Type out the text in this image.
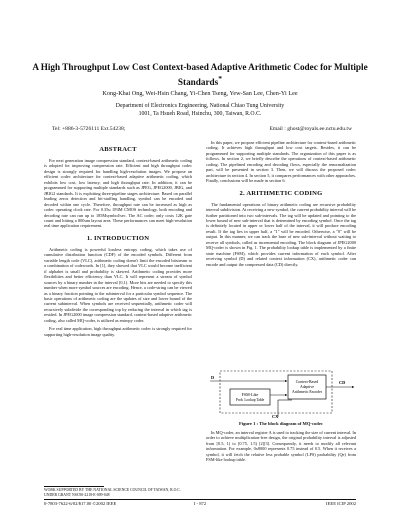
A High Throughput Low Cost Context-based Adaptive Arithmetic Codec for Multiple Standards*
Kong-Khai Ong, Wei-Hsin Chang, Yi-Chen Tseng, Yew-San Lee, Chen-Yi Lee
Department of Electronics Engineering, National Chiao Tung University
1001, Ta Hsueh Road, Hsinchu, 300, Taiwan, R.O.C.
Tel: +886-3-5726111 Ext.54238;	Email : ghost@royals.ee.nctu.edu.tw
ABSTRACT

For next generation image compression standard, context-based arithmetic coding is adopted for improving compression rate. Efficient and high throughput codec design is strongly required for handling high-resolution images. We propose an efficient codec architecture for context-based adaptive arithmetic coding, which exhibits low cost, low latency, and high throughput rate. In addition, it can be programmed for supporting multiple standards such as JPEG, JPEG2000, JBIG, and JBIG2 standards. It is exploiting three-pipeline stages architecture. Based on parallel leading zeros detection and bit-stuffing handling, symbol can be encoded and decoded within one cycle. Therefore, throughput rate can be increased as high as codec operating clock rate. For 0.35u 1P4M CMOS technology, both encoding and decoding rate can run up to 185Msymbol/sec. The AC codec only costs 12K gate count and hitting a 800um layout area. These performances can meet high-resolution real time application requirement.

1. INTRODUCTION

Arithmetic coding is powerful lossless entropy coding, which takes use of cumulative distribution function (CDF) of the encoded symbols. Different from variable length code (VLC), arithmetic coding doesn't limit the encoded bitstream to a combination of codewords. In [1], they showed that VLC would become inefficient if alphabet is small and probability is skewed. Arithmetic coding provides more flexibilities and better efficiency than VLC. It will represent a stream of symbol sources by a binary number in the interval [0,1). More bits are needed to specify this number when more symbol sources are encoding. Hence, a code-string can be viewed as a binary fraction pointing to the subinterval for a particular symbol sequence. The basic operations of arithmetic coding are the updates of size and lower bound of the current subinterval. When symbols are received sequentially, arithmetic coder will recursively subdivide the corresponding top by reducing the interval in which tag is resided. In JPEG2000 image compression standard, context-based adaptive arithmetic coding, also called MQ-coder, is utilized as entropy coder.

For real time application, high throughput arithmetic codec is strongly required for supporting high-resolution image quality.

WORK SUPPORTED BY THE NATIONAL SCIENCE COUNCIL OF TAIWAN, R.O.C. UNDER GRANT NSC90-2218-E-009-048

In this paper, we propose efficient pipeline architecture for context-based arithmetic coding. It achieves high throughput and low cost targets. Besides, it can be programmed for supporting multiple standards. The organization of this paper is as follows. In section 2, we briefly describe the operations of context-based arithmetic coding. The pipelined encoding and decoding flows, especially the renormalization part, will be presented in section 3. Then, we will discuss the proposed codec architecture in section 4. In section 5, it compares performances with other approaches. Finally, conclusions will be made in section 6.

2. ARITHMETIC CODING

The fundamental operations of binary arithmetic coding are recursive probability interval subdivision. At receiving a new symbol, the current probability interval will be further partitioned into two sub-intervals. The tag will be updated and pointing to the lower bound of new sub-interval that is determined by encoding symbol. Once the tag is definitely located in upper or lower half of the interval, it will produce encoding result. If the tag lies in upper half, a "1" will be encoded. Otherwise, a "0" will be output. In this manner, we can track the base of new sub-interval without waiting to receive all symbols, called as incremental encoding. The block diagram of JPEG2000 MQ-coder is shown in Fig. 1. The probability lookup table is implemented by a finite state machine (FSM), which provides current information of each symbol. After receiving symbol (D) and related context information (CX), arithmetic coder can encode and output the compressed data (CD) directly.

FSM-Like
Prob. Lookup Table
Context-Based
Adaptive
Arithmetic Encoder
D
CX
CD
Figure 1 : The block diagram of MQ-codec

In MQ-coder, an interval register A is used to tracking the size of current interval. In order to achieve multiplication-free design, the original probability interval is adjusted from [0.5, 1) to [0.75, 1.5) [2][3]. Consequently, it needs to modify all relevant information. For example, 0x8000 represents 0.75 instead of 0.5. When it receives a symbol, it will fetch the relative less probable symbol (LPS) probability (Qe) from FSM-like lookup table.

0-7803-7622-6/02/$17.00 ©2002 IEEE	I - 872	IEEE ICIP 2002
